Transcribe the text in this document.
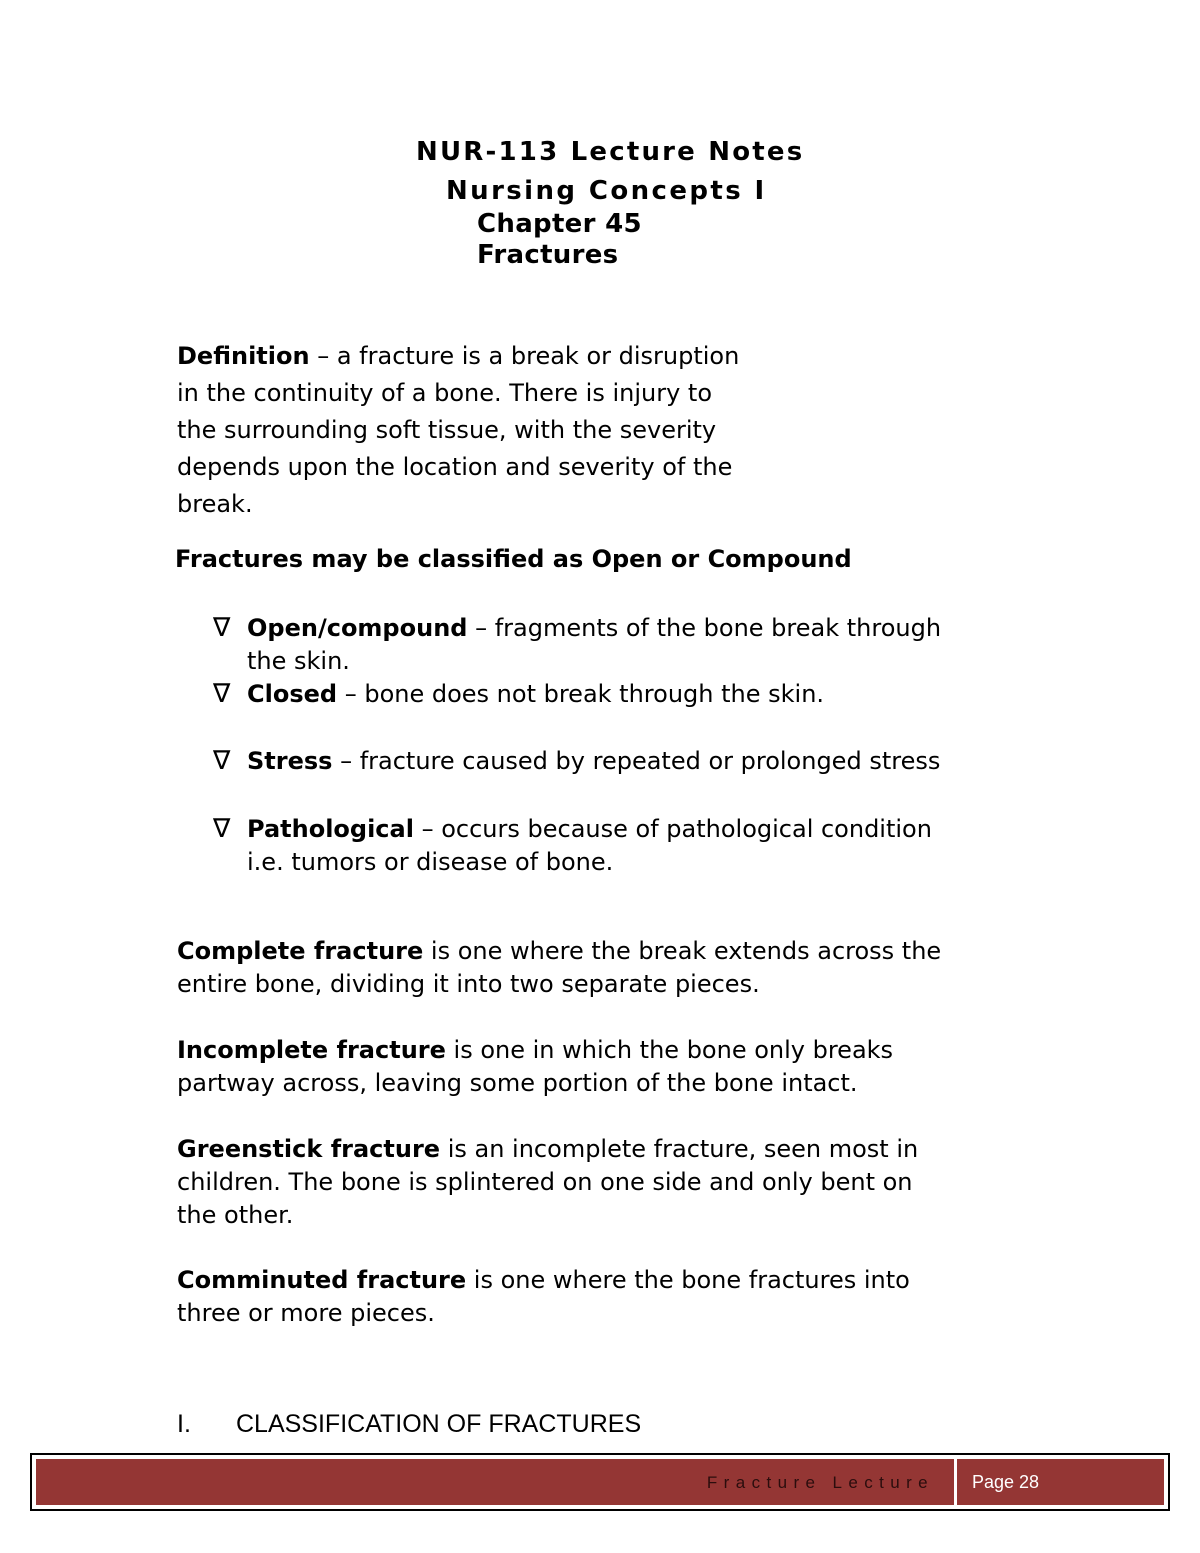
NUR-113 Lecture Notes
Nursing Concepts I
Chapter 45
Fractures
Definition – a fracture is a break or disruption
in the continuity of a bone. There is injury to
the surrounding soft tissue, with the severity
depends upon the location and severity of the
break.
Fractures may be classified as Open or Compound
∇ Open/compound – fragments of the bone break through
the skin.
∇ Closed – bone does not break through the skin.
∇ Stress – fracture caused by repeated or prolonged stress
∇ Pathological – occurs because of pathological condition
i.e. tumors or disease of bone.
Complete fracture is one where the break extends across the
entire bone, dividing it into two separate pieces.
Incomplete fracture is one in which the bone only breaks
partway across, leaving some portion of the bone intact.
Greenstick fracture is an incomplete fracture, seen most in
children. The bone is splintered on one side and only bent on
the other.
Comminuted fracture is one where the bone fractures into
three or more pieces.
I. CLASSIFICATION OF FRACTURES
Fracture Lecture Page 28
